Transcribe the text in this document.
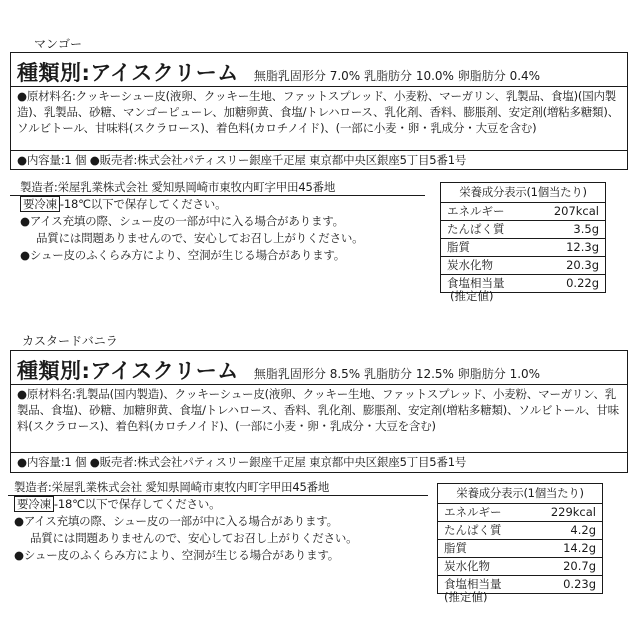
マンゴー
種類別:アイスクリーム 無脂乳固形分 7.0% 乳脂肪分 10.0% 卵脂肪分 0.4%
●原材料名:クッキーシュー皮(液卵、クッキー生地、ファットスプレッド、小麦粉、マーガリン、乳製品、食塩)(国内製造)、乳製品、砂糖、マンゴーピューレ、加糖卵黄、食塩/トレハロース、乳化剤、香料、膨脹剤、安定剤(増粘多糖類)、ソルビトール、甘味料(スクラロース)、着色料(カロチノイド)、(一部に小麦・卵・乳成分・大豆を含む)
●内容量:1 個 ●販売者:株式会社パティスリー銀座千疋屋 東京都中央区銀座5丁目5番1号
製造者:栄屋乳業株式会社 愛知県岡崎市東牧内町字甲田45番地
要冷凍 -18℃以下で保存してください。
●アイス充填の際、シュー皮の一部が中に入る場合があります。
品質には問題ありませんので、安心してお召し上がりください。
●シュー皮のふくらみ方により、空洞が生じる場合があります。
栄養成分表示(1個当たり)
エネルギー	207kcal
たんぱく質	3.5g
脂質	12.3g
炭水化物	20.3g
食塩相当量	0.22g
(推定値)
カスタードバニラ
種類別:アイスクリーム 無脂乳固形分 8.5% 乳脂肪分 12.5% 卵脂肪分 1.0%
●原材料名:乳製品(国内製造)、クッキーシュー皮(液卵、クッキー生地、ファットスプレッド、小麦粉、マーガリン、乳製品、食塩)、砂糖、加糖卵黄、食塩/トレハロース、香料、乳化剤、膨脹剤、安定剤(増粘多糖類)、ソルビトール、甘味料(スクラロース)、着色料(カロチノイド)、(一部に小麦・卵・乳成分・大豆を含む)
●内容量:1 個 ●販売者:株式会社パティスリー銀座千疋屋 東京都中央区銀座5丁目5番1号
製造者:栄屋乳業株式会社 愛知県岡崎市東牧内町字甲田45番地
要冷凍 -18℃以下で保存してください。
●アイス充填の際、シュー皮の一部が中に入る場合があります。
品質には問題ありませんので、安心してお召し上がりください。
●シュー皮のふくらみ方により、空洞が生じる場合があります。
栄養成分表示(1個当たり)
エネルギー	229kcal
たんぱく質	4.2g
脂質	14.2g
炭水化物	20.7g
食塩相当量	0.23g
(推定値)
